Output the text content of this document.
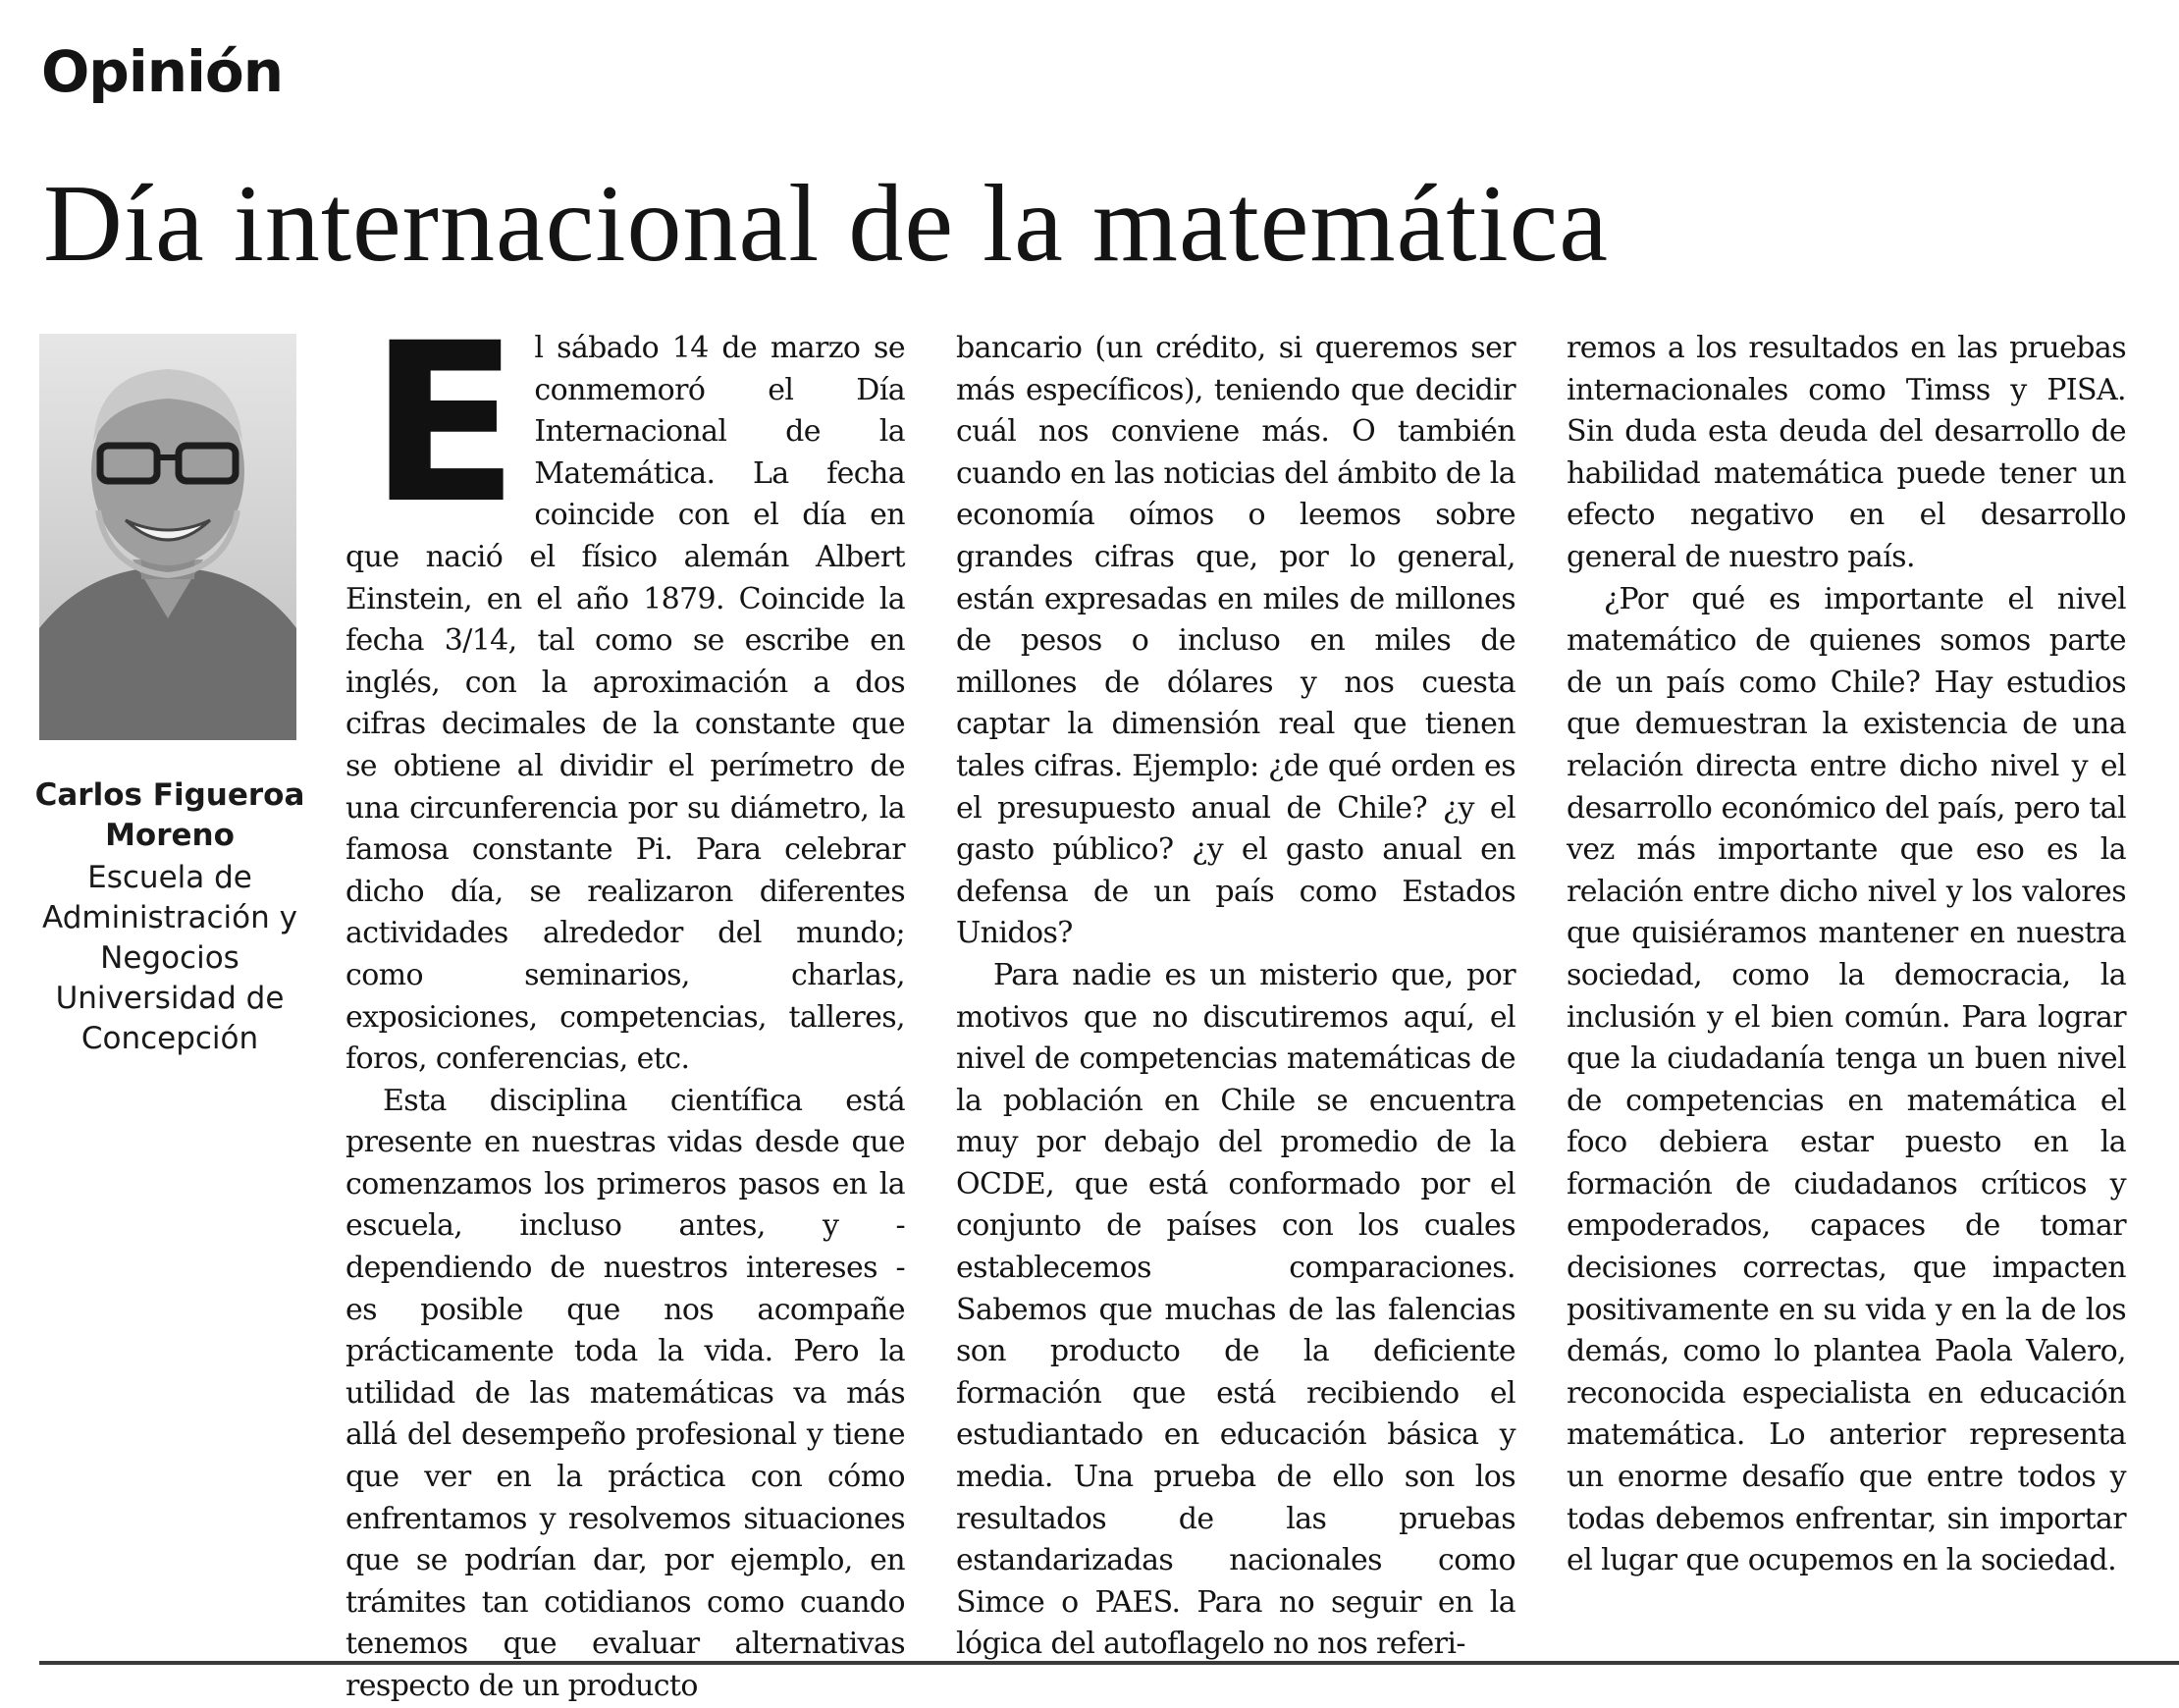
Opinión
Día internacional de la matemática
Carlos Figueroa Moreno
Escuela de Administración y Negocios Universidad de Concepción
E l sábado 14 de marzo se conmemoró el Día Internacional de la Matemática. La fecha coincide con el día en que nació el físico alemán Albert Einstein, en el año 1879. Coincide la fecha 3/14, tal como se escribe en inglés, con la aproximación a dos cifras decimales de la constante que se obtiene al dividir el perímetro de una circunferencia por su diámetro, la famosa constante Pi. Para celebrar dicho día, se realizaron diferentes actividades alrededor del mundo; como seminarios, charlas, exposiciones, competencias, talleres, foros, conferencias, etc.

Esta disciplina científica está presente en nuestras vidas desde que comenzamos los primeros pasos en la escuela, incluso antes, y - dependiendo de nuestros intereses - es posible que nos acompañe prácticamente toda la vida. Pero la utilidad de las matemáticas va más allá del desempeño profesional y tiene que ver en la práctica con cómo enfrentamos y resolvemos situaciones que se podrían dar, por ejemplo, en trámites tan cotidianos como cuando tenemos que evaluar alternativas respecto de un producto

bancario (un crédito, si queremos ser más específicos), teniendo que decidir cuál nos conviene más. O también cuando en las noticias del ámbito de la economía oímos o leemos sobre grandes cifras que, por lo general, están expresadas en miles de millones de pesos o incluso en miles de millones de dólares y nos cuesta captar la dimensión real que tienen tales cifras. Ejemplo: ¿de qué orden es el presupuesto anual de Chile? ¿y el gasto público? ¿y el gasto anual en defensa de un país como Estados Unidos?

Para nadie es un misterio que, por motivos que no discutiremos aquí, el nivel de competencias matemáticas de la población en Chile se encuentra muy por debajo del promedio de la OCDE, que está conformado por el conjunto de países con los cuales establecemos comparaciones. Sabemos que muchas de las falencias son producto de la deficiente formación que está recibiendo el estudiantado en educación básica y media. Una prueba de ello son los resultados de las pruebas estandarizadas nacionales como Simce o PAES. Para no seguir en la lógica del autoflagelo no nos referi-

remos a los resultados en las pruebas internacionales como Timss y PISA. Sin duda esta deuda del desarrollo de habilidad matemática puede tener un efecto negativo en el desarrollo general de nuestro país.

¿Por qué es importante el nivel matemático de quienes somos parte de un país como Chile? Hay estudios que demuestran la existencia de una relación directa entre dicho nivel y el desarrollo económico del país, pero tal vez más importante que eso es la relación entre dicho nivel y los valores que quisiéramos mantener en nuestra sociedad, como la democracia, la inclusión y el bien común. Para lograr que la ciudadanía tenga un buen nivel de competencias en matemática el foco debiera estar puesto en la formación de ciudadanos críticos y empoderados, capaces de tomar decisiones correctas, que impacten positivamente en su vida y en la de los demás, como lo plantea Paola Valero, reconocida especialista en educación matemática. Lo anterior representa un enorme desafío que entre todos y todas debemos enfrentar, sin importar el lugar que ocupemos en la sociedad.
